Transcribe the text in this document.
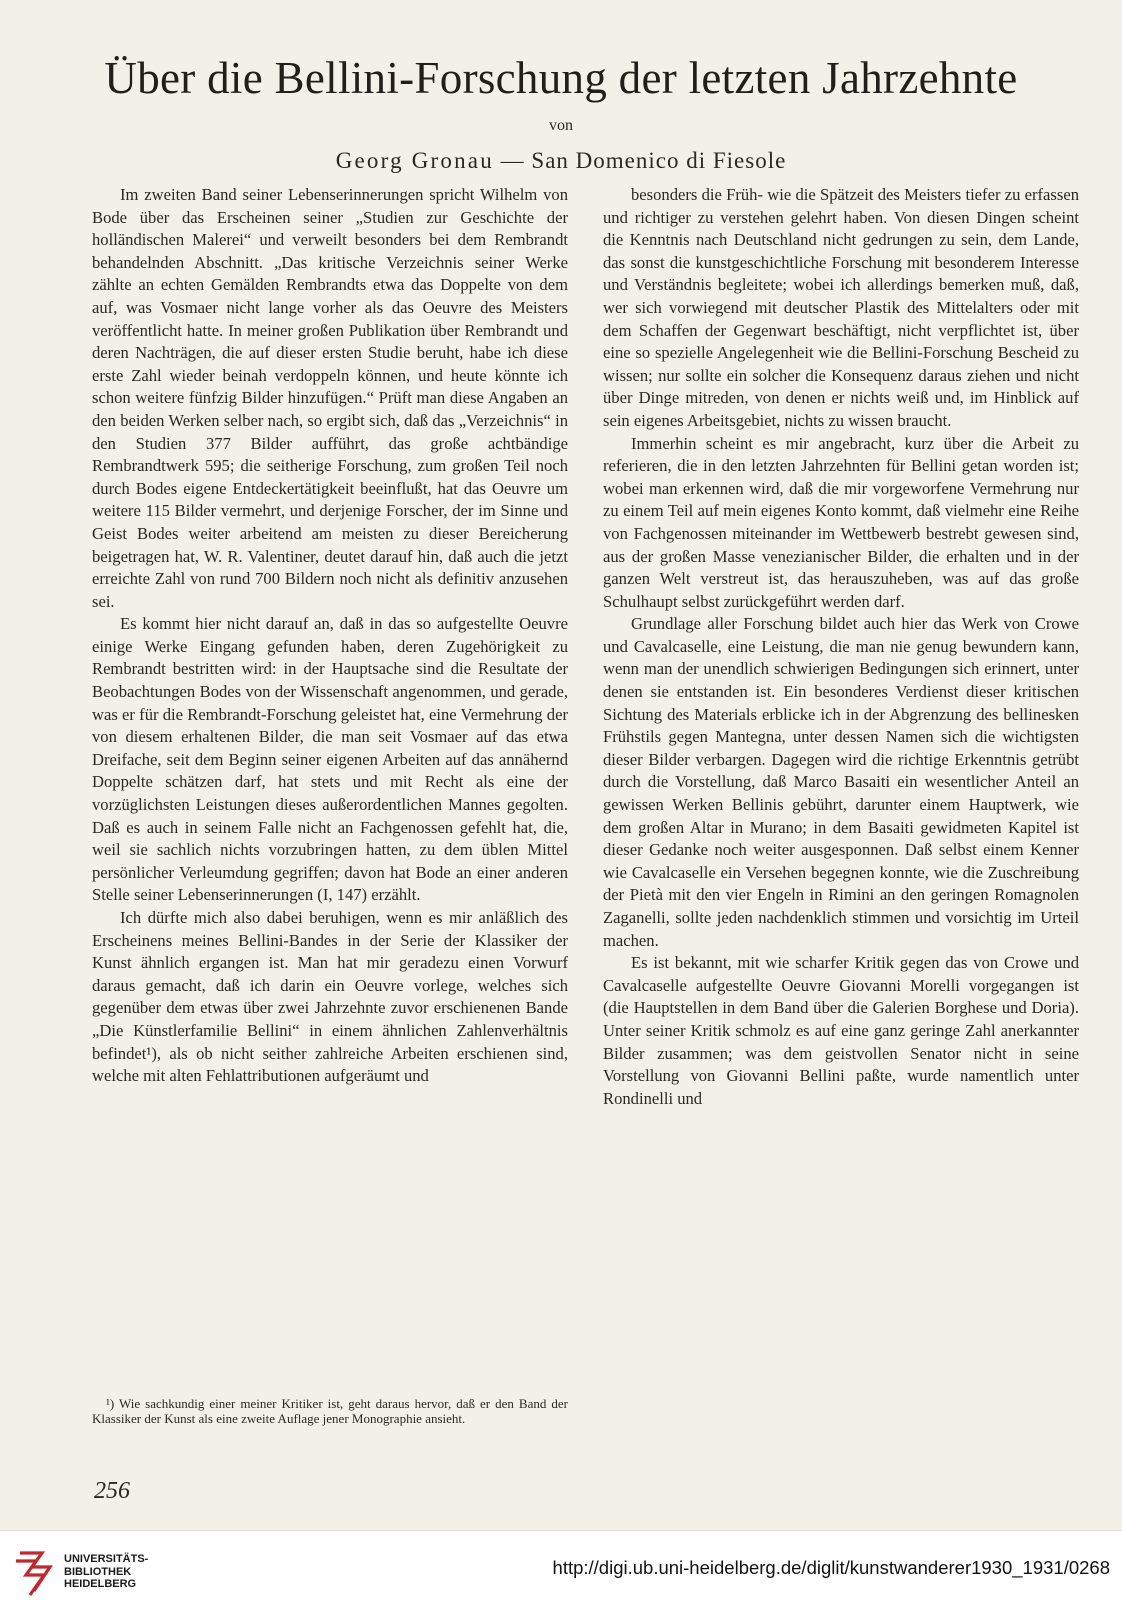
Über die Bellini-Forschung der letzten Jahrzehnte
von
Georg Gronau — San Domenico di Fiesole

Im zweiten Band seiner Lebenserinnerungen spricht Wilhelm von Bode über das Erscheinen seiner „Studien zur Geschichte der holländischen Malerei“ und verweilt besonders bei dem Rembrandt behandelnden Abschnitt. „Das kritische Verzeichnis seiner Werke zählte an echten Gemälden Rembrandts etwa das Doppelte von dem auf, was Vosmaer nicht lange vorher als das Oeuvre des Meisters veröffentlicht hatte. In meiner großen Publikation über Rembrandt und deren Nachträgen, die auf dieser ersten Studie beruht, habe ich diese erste Zahl wieder beinah verdoppeln können, und heute könnte ich schon weitere fünfzig Bilder hinzufügen.“ Prüft man diese Angaben an den beiden Werken selber nach, so ergibt sich, daß das „Verzeichnis“ in den Studien 377 Bilder aufführt, das große achtbändige Rembrandtwerk 595; die seitherige Forschung, zum großen Teil noch durch Bodes eigene Entdeckertätigkeit beeinflußt, hat das Oeuvre um weitere 115 Bilder vermehrt, und derjenige Forscher, der im Sinne und Geist Bodes weiter arbeitend am meisten zu dieser Bereicherung beigetragen hat, W. R. Valentiner, deutet darauf hin, daß auch die jetzt erreichte Zahl von rund 700 Bildern noch nicht als definitiv anzusehen sei.

Es kommt hier nicht darauf an, daß in das so aufgestellte Oeuvre einige Werke Eingang gefunden haben, deren Zugehörigkeit zu Rembrandt bestritten wird: in der Hauptsache sind die Resultate der Beobachtungen Bodes von der Wissenschaft angenommen, und gerade, was er für die Rembrandt-Forschung geleistet hat, eine Vermehrung der von diesem erhaltenen Bilder, die man seit Vosmaer auf das etwa Dreifache, seit dem Beginn seiner eigenen Arbeiten auf das annähernd Doppelte schätzen darf, hat stets und mit Recht als eine der vorzüglichsten Leistungen dieses außerordentlichen Mannes gegolten. Daß es auch in seinem Falle nicht an Fachgenossen gefehlt hat, die, weil sie sachlich nichts vorzubringen hatten, zu dem üblen Mittel persönlicher Verleumdung gegriffen; davon hat Bode an einer anderen Stelle seiner Lebenserinnerungen (I, 147) erzählt.

Ich dürfte mich also dabei beruhigen, wenn es mir anläßlich des Erscheinens meines Bellini-Bandes in der Serie der Klassiker der Kunst ähnlich ergangen ist. Man hat mir geradezu einen Vorwurf daraus gemacht, daß ich darin ein Oeuvre vorlege, welches sich gegenüber dem etwas über zwei Jahrzehnte zuvor erschienenen Bande „Die Künstlerfamilie Bellini“ in einem ähnlichen Zahlenverhältnis befindet¹), als ob nicht seither zahlreiche Arbeiten erschienen sind, welche mit alten Fehlattributionen aufgeräumt und

¹) Wie sachkundig einer meiner Kritiker ist, geht daraus hervor, daß er den Band der Klassiker der Kunst als eine zweite Auflage jener Monographie ansieht.

besonders die Früh- wie die Spätzeit des Meisters tiefer zu erfassen und richtiger zu verstehen gelehrt haben. Von diesen Dingen scheint die Kenntnis nach Deutschland nicht gedrungen zu sein, dem Lande, das sonst die kunstgeschichtliche Forschung mit besonderem Interesse und Verständnis begleitete; wobei ich allerdings bemerken muß, daß, wer sich vorwiegend mit deutscher Plastik des Mittelalters oder mit dem Schaffen der Gegenwart beschäftigt, nicht verpflichtet ist, über eine so spezielle Angelegenheit wie die Bellini-Forschung Bescheid zu wissen; nur sollte ein solcher die Konsequenz daraus ziehen und nicht über Dinge mitreden, von denen er nichts weiß und, im Hinblick auf sein eigenes Arbeitsgebiet, nichts zu wissen braucht.

Immerhin scheint es mir angebracht, kurz über die Arbeit zu referieren, die in den letzten Jahrzehnten für Bellini getan worden ist; wobei man erkennen wird, daß die mir vorgeworfene Vermehrung nur zu einem Teil auf mein eigenes Konto kommt, daß vielmehr eine Reihe von Fachgenossen miteinander im Wettbewerb bestrebt gewesen sind, aus der großen Masse venezianischer Bilder, die erhalten und in der ganzen Welt verstreut ist, das herauszuheben, was auf das große Schulhaupt selbst zurückgeführt werden darf.

Grundlage aller Forschung bildet auch hier das Werk von Crowe und Cavalcaselle, eine Leistung, die man nie genug bewundern kann, wenn man der unendlich schwierigen Bedingungen sich erinnert, unter denen sie entstanden ist. Ein besonderes Verdienst dieser kritischen Sichtung des Materials erblicke ich in der Abgrenzung des bellinesken Frühstils gegen Mantegna, unter dessen Namen sich die wichtigsten dieser Bilder verbargen. Dagegen wird die richtige Erkenntnis getrübt durch die Vorstellung, daß Marco Basaiti ein wesentlicher Anteil an gewissen Werken Bellinis gebührt, darunter einem Hauptwerk, wie dem großen Altar in Murano; in dem Basaiti gewidmeten Kapitel ist dieser Gedanke noch weiter ausgesponnen. Daß selbst einem Kenner wie Cavalcaselle ein Versehen begegnen konnte, wie die Zuschreibung der Pietà mit den vier Engeln in Rimini an den geringen Romagnolen Zaganelli, sollte jeden nachdenklich stimmen und vorsichtig im Urteil machen.

Es ist bekannt, mit wie scharfer Kritik gegen das von Crowe und Cavalcaselle aufgestellte Oeuvre Giovanni Morelli vorgegangen ist (die Hauptstellen in dem Band über die Galerien Borghese und Doria). Unter seiner Kritik schmolz es auf eine ganz geringe Zahl anerkannter Bilder zusammen; was dem geistvollen Senator nicht in seine Vorstellung von Giovanni Bellini paßte, wurde namentlich unter Rondinelli und

256
UNIVERSITÄTS-
BIBLIOTHEK
HEIDELBERG
http://digi.ub.uni-heidelberg.de/diglit/kunstwanderer1930_1931/0268
